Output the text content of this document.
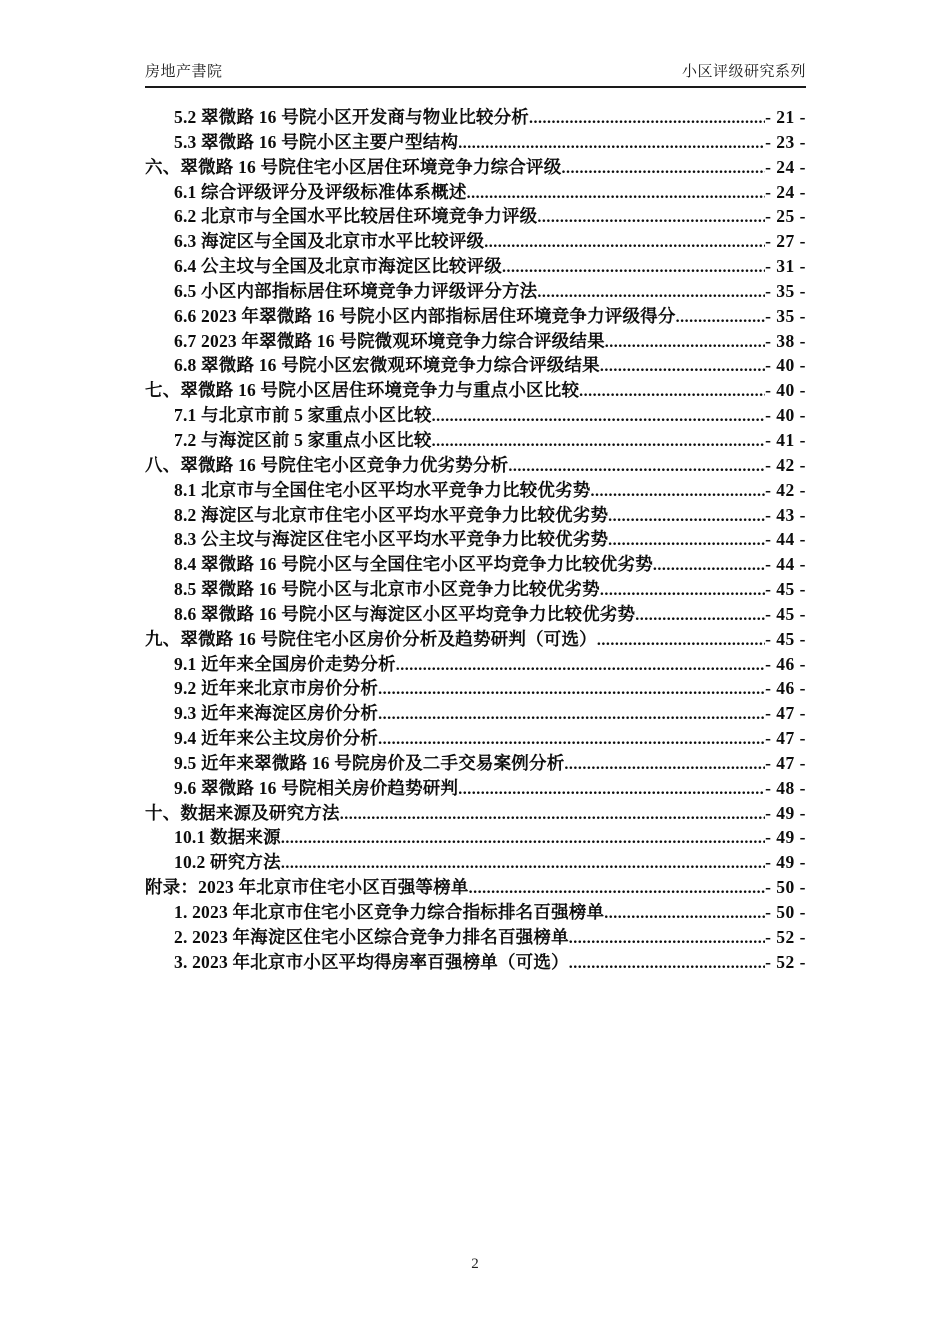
房地产書院	小区评级研究系列
5.2 翠微路 16 号院小区开发商与物业比较分析 .....	- 21 -
5.3 翠微路 16 号院小区主要户型结构 .....	- 23 -
六、翠微路 16 号院住宅小区居住环境竞争力综合评级 .....	- 24 -
6.1 综合评级评分及评级标准体系概述 .....	- 24 -
6.2 北京市与全国水平比较居住环境竞争力评级 .....	- 25 -
6.3 海淀区与全国及北京市水平比较评级 .....	- 27 -
6.4 公主坟与全国及北京市海淀区比较评级 .....	- 31 -
6.5 小区内部指标居住环境竞争力评级评分方法 .....	- 35 -
6.6 2023 年翠微路 16 号院小区内部指标居住环境竞争力评级得分 .....	- 35 -
6.7 2023 年翠微路 16 号院微观环境竞争力综合评级结果 .....	- 38 -
6.8 翠微路 16 号院小区宏微观环境竞争力综合评级结果 .....	- 40 -
七、翠微路 16 号院小区居住环境竞争力与重点小区比较 .....	- 40 -
7.1 与北京市前 5 家重点小区比较 .....	- 40 -
7.2 与海淀区前 5 家重点小区比较 .....	- 41 -
八、翠微路 16 号院住宅小区竞争力优劣势分析 .....	- 42 -
8.1 北京市与全国住宅小区平均水平竞争力比较优劣势 .....	- 42 -
8.2 海淀区与北京市住宅小区平均水平竞争力比较优劣势 .....	- 43 -
8.3 公主坟与海淀区住宅小区平均水平竞争力比较优劣势 .....	- 44 -
8.4 翠微路 16 号院小区与全国住宅小区平均竞争力比较优劣势 .....	- 44 -
8.5 翠微路 16 号院小区与北京市小区竞争力比较优劣势 .....	- 45 -
8.6 翠微路 16 号院小区与海淀区小区平均竞争力比较优劣势 .....	- 45 -
九、翠微路 16 号院住宅小区房价分析及趋势研判（可选） .....	- 45 -
9.1 近年来全国房价走势分析 .....	- 46 -
9.2 近年来北京市房价分析 .....	- 46 -
9.3 近年来海淀区房价分析 .....	- 47 -
9.4 近年来公主坟房价分析 .....	- 47 -
9.5 近年来翠微路 16 号院房价及二手交易案例分析 .....	- 47 -
9.6 翠微路 16 号院相关房价趋势研判 .....	- 48 -
十、数据来源及研究方法 .....	- 49 -
10.1 数据来源 .....	- 49 -
10.2 研究方法 .....	- 49 -
附录：2023 年北京市住宅小区百强等榜单 .....	- 50 -
1. 2023 年北京市住宅小区竞争力综合指标排名百强榜单 .....	- 50 -
2. 2023 年海淀区住宅小区综合竞争力排名百强榜单 .....	- 52 -
3. 2023 年北京市小区平均得房率百强榜单（可选） .....	- 52 -
2
